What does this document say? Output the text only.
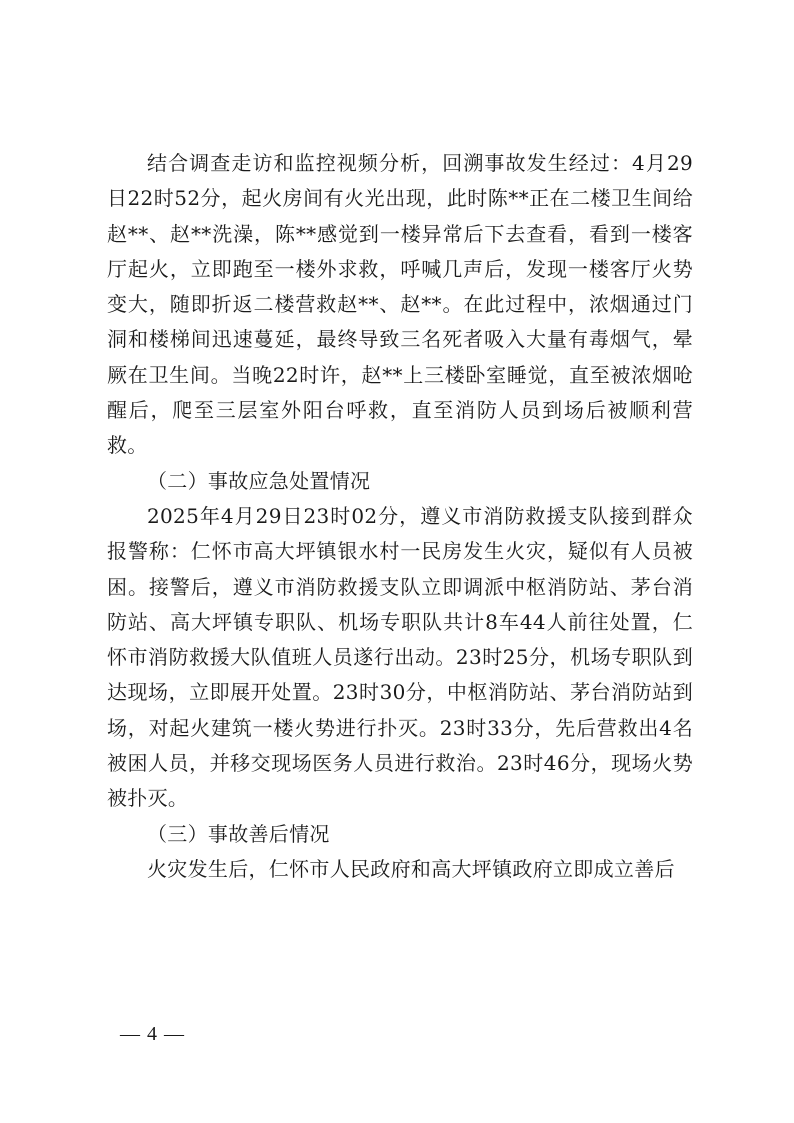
结合调查走访和监控视频分析，回溯事故发生经过：4月29日22时52分，起火房间有火光出现，此时陈**正在二楼卫生间给赵**、赵**洗澡，陈**感觉到一楼异常后下去查看，看到一楼客厅起火，立即跑至一楼外求救，呼喊几声后，发现一楼客厅火势变大，随即折返二楼营救赵**、赵**。在此过程中，浓烟通过门洞和楼梯间迅速蔓延，最终导致三名死者吸入大量有毒烟气，晕厥在卫生间。当晚22时许，赵**上三楼卧室睡觉，直至被浓烟呛醒后，爬至三层室外阳台呼救，直至消防人员到场后被顺利营救。

（二）事故应急处置情况

2025年4月29日23时02分，遵义市消防救援支队接到群众报警称：仁怀市高大坪镇银水村一民房发生火灾，疑似有人员被困。接警后，遵义市消防救援支队立即调派中枢消防站、茅台消防站、高大坪镇专职队、机场专职队共计8车44人前往处置，仁怀市消防救援大队值班人员遂行出动。23时25分，机场专职队到达现场，立即展开处置。23时30分，中枢消防站、茅台消防站到场，对起火建筑一楼火势进行扑灭。23时33分，先后营救出4名被困人员，并移交现场医务人员进行救治。23时46分，现场火势被扑灭。

（三）事故善后情况

火灾发生后，仁怀市人民政府和高大坪镇政府立即成立善后

— 4 —
